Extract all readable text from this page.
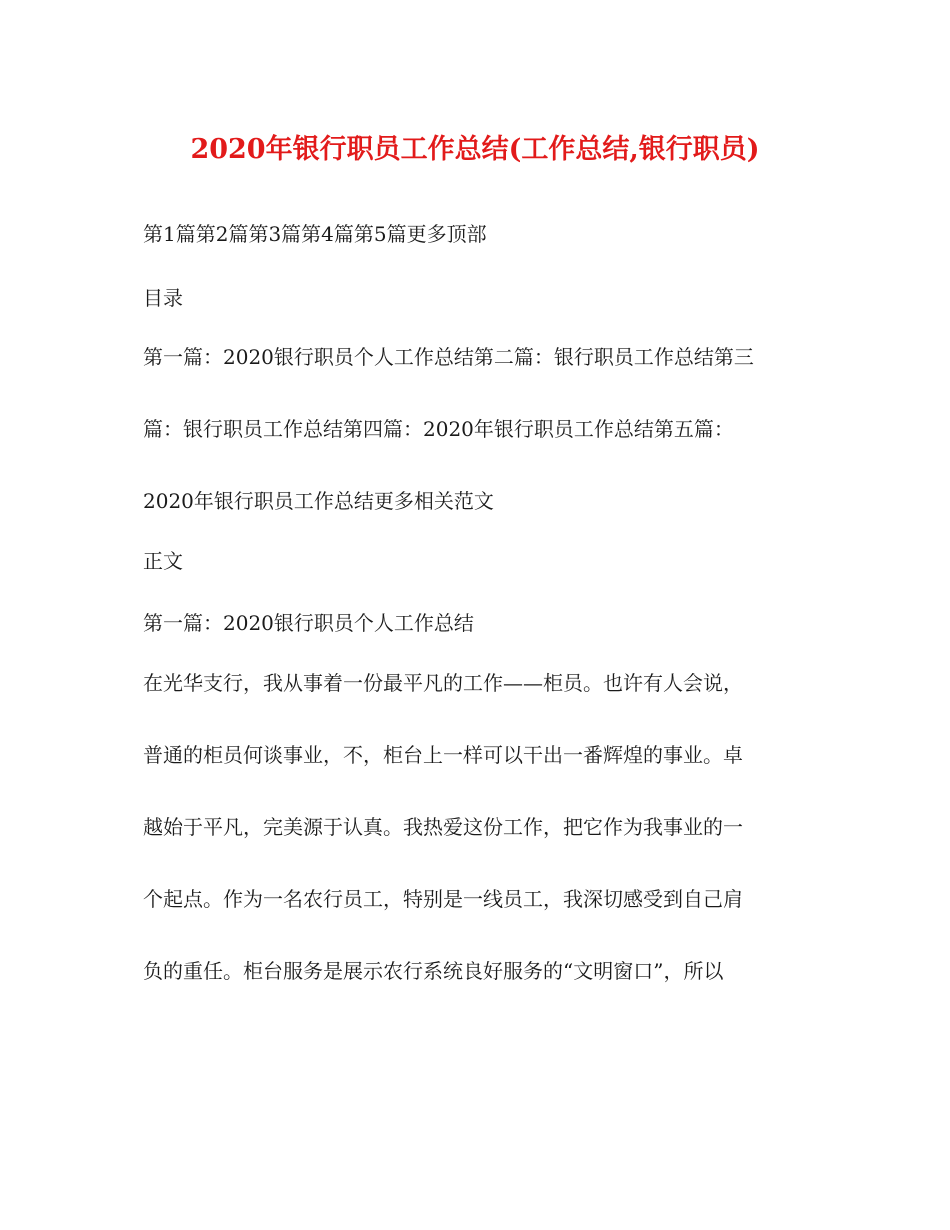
2020年银行职员工作总结(工作总结,银行职员)
第1篇第2篇第3篇第4篇第5篇更多顶部
目录
第一篇：2020银行职员个人工作总结第二篇：银行职员工作总结第三
篇：银行职员工作总结第四篇：2020年银行职员工作总结第五篇：
2020年银行职员工作总结更多相关范文
正文
第一篇：2020银行职员个人工作总结
在光华支行，我从事着一份最平凡的工作——柜员。也许有人会说，
普通的柜员何谈事业，不，柜台上一样可以干出一番辉煌的事业。卓
越始于平凡，完美源于认真。我热爱这份工作，把它作为我事业的一
个起点。作为一名农行员工，特别是一线员工，我深切感受到自己肩
负的重任。柜台服务是展示农行系统良好服务的“文明窗口”，所以
